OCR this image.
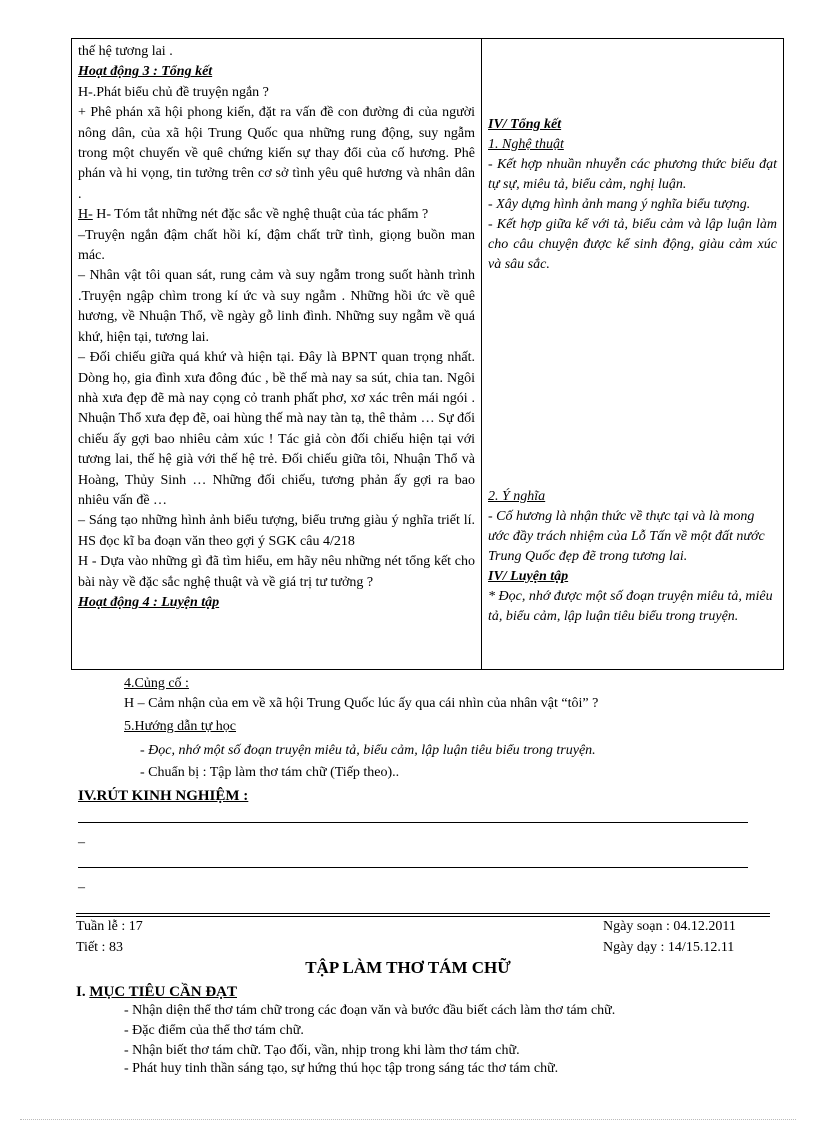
thế hệ tương lai .

Hoạt động 3 : Tổng kết

H-.Phát biểu chủ đề truyện ngắn ?

+ Phê phán xã hội phong kiến, đặt ra vấn đề con đường đi của người nông dân, của xã hội Trung Quốc qua những rung động, suy ngẫm trong một chuyến về quê chứng kiến sự thay đổi của cố hương. Phê phán và hi vọng, tin tưởng trên cơ sở tình yêu quê hương và nhân dân .

H- H- Tóm tắt những nét đặc sắc về nghệ thuật của tác phẩm ?

–Truyện ngắn đậm chất hồi kí, đậm chất trữ tình, giọng buồn man mác.

– Nhân vật tôi quan sát, rung cảm và suy ngẫm trong suốt hành trình .Truyện ngập chìm trong kí ức và suy ngẫm . Những hồi ức về quê hương, về Nhuận Thổ, về ngày gỗ linh đình. Những suy ngẫm về quá khứ, hiện tại, tương lai.

– Đối chiếu giữa quá khứ và hiện tại. Đây là BPNT quan trọng nhất. Dòng họ, gia đình xưa đông đúc , bề thế mà nay sa sút, chia tan. Ngôi nhà xưa đẹp đẽ mà nay cọng cỏ tranh phất phơ, xơ xác trên mái ngói . Nhuận Thổ xưa đẹp đẽ, oai hùng thế mà nay tàn tạ, thê thảm … Sự đối chiếu ấy gợi bao nhiêu cảm xúc ! Tác giả còn đối chiếu hiện tại với tương lai, thế hệ già với thế hệ trẻ. Đối chiếu giữa tôi, Nhuận Thổ và Hoàng, Thủy Sinh … Những đối chiếu, tương phản ấy gợi ra bao nhiêu vấn đề …

– Sáng tạo những hình ảnh biểu tượng, biểu trưng giàu ý nghĩa triết lí. HS đọc kĩ ba đoạn văn theo gợi ý SGK câu 4/218

H - Dựa vào những gì đã tìm hiểu, em hãy nêu những nét tổng kết cho bài này về đặc sắc nghệ thuật và về giá trị tư tưởng ?

Hoạt động 4 : Luyện tập

IV/ Tổng kết

1. Nghệ thuật

- Kết hợp nhuần nhuyễn các phương thức biểu đạt tự sự, miêu tả, biểu cảm, nghị luận.

- Xây dựng hình ảnh mang ý nghĩa biểu tượng.

- Kết hợp giữa kể với tả, biểu cảm và lập luận làm cho câu chuyện được kể sinh động, giàu cảm xúc và sâu sắc.

2. Ý nghĩa

- Cố hương là nhận thức về thực tại và là mong ước đầy trách nhiệm của Lỗ Tấn về một đất nước Trung Quốc đẹp đẽ trong tương lai.

IV/ Luyện tập

* Đọc, nhớ được một số đoạn truyện miêu tả, miêu tả, biểu cảm, lập luận tiêu biểu trong truyện.

4.Củng cố :
H – Cảm nhận của em về xã hội Trung Quốc lúc ấy qua cái nhìn của nhân vật “tôi” ?
5.Hướng dẫn tự học
- Đọc, nhớ một số đoạn truyện miêu tả, biểu cảm, lập luận tiêu biểu trong truyện.
- Chuẩn bị : Tập làm thơ tám chữ (Tiếp theo)..
IV.RÚT KINH NGHIỆM :
–
–
Tuần lễ : 17
Tiết : 83
Ngày soạn : 04.12.2011
Ngày dạy : 14/15.12.11
TẬP LÀM THƠ TÁM CHỮ
I. MỤC TIÊU CẦN ĐẠT
- Nhận diện thể thơ tám chữ trong các đoạn văn và bước đầu biết cách làm thơ tám chữ.
- Đặc điểm của thể thơ tám chữ.
- Nhận biết thơ tám chữ. Tạo đối, vần, nhịp trong khi làm thơ tám chữ.
- Phát huy tinh thần sáng tạo, sự hứng thú học tập trong sáng tác thơ tám chữ.
